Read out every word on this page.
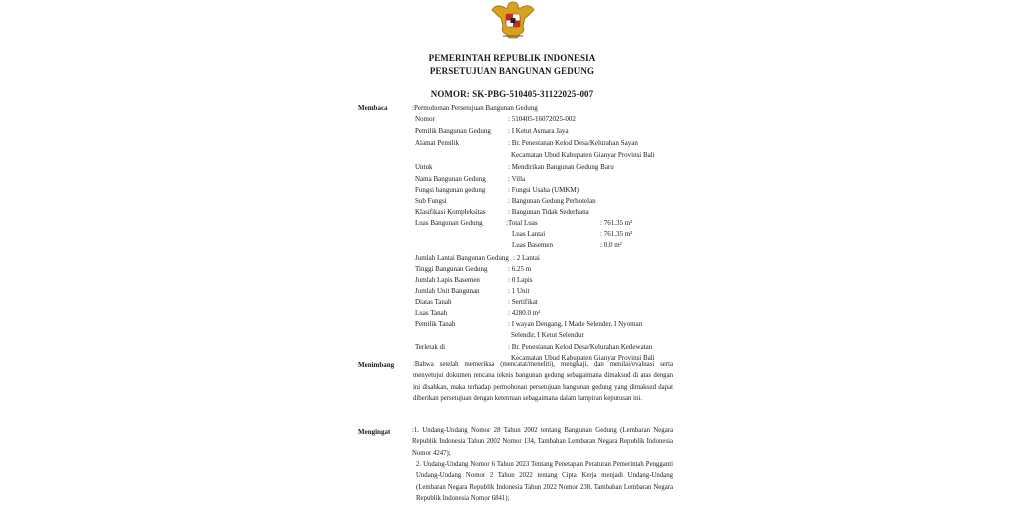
PEMERINTAH REPUBLIK INDONESIA
PERSETUJUAN BANGUNAN GEDUNG
NOMOR: SK-PBG-510405-31122025-007
Membaca	:Permohonan Persetujuan Bangunan Gedung
Nomor	: 510405-16072025-002
Pemilik Bangunan Gedung : I Ketut Asmara Jaya
Alamat Pemilik	: Br. Penestanan Kelod Desa/Kelurahan Sayan
Kecamatan Ubud Kabupaten Gianyar Provinsi Bali
Untuk	: Mendirikan Bangunan Gedung Baru
Nama Bangunan Gedung	: Villa
Fungsi bangunan gedung	: Fungsi Usaha (UMKM)
Sub Fungsi	: Bangunan Gedung Perhotelan
Klasifikasi Kompleksitas	: Bangunan Tidak Sederhana
Luas Bangunan Gedung	:Total Luas	: 761.35 m²
Luas Lantai	: 761.35 m²
Luas Basemen	: 0.0 m²
Jumlah Lantai Bangunan Gedung : 2 Lantai
Tinggi Bangunan Gedung	: 6.25 m
Jumlah Lapis Basemen	: 0 Lapis
Jumlah Unit Bangunan	: 1 Unit
Diatas Tanah	: Sertifikat
Luas Tanah	: 4280.0 m²
Pemilik Tanah	: I wayan Dengang, I Made Selender, I Nyoman
Selendir, I Ketut Selendur
Terletak di	: Br. Penestanan Kelod Desa/Kelurahan Kedewatan
Kecamatan Ubud Kabupaten Gianyar Provinsi Bali
Menimbang	:Bahwa setelah memeriksa (mencatat/meneliti), mengkaji, dan menilai/evaluasi serta menyetujui dokumen rencana teknis bangunan gedung sebagaimana dimaksud di atas dengan ini disahkan, maka terhadap permohonan persetujuan bangunan gedung yang dimaksud dapat diberikan persetujuan dengan ketentuan sebagaimana dalam lampiran keputusan ini.
Mengingat	:1. Undang-Undang Nomor 28 Tahun 2002 tentang Bangunan Gedung (Lembaran Negara Republik Indonesia Tahun 2002 Nomor 134, Tambahan Lembaran Negara Republik Indonesia Nomor 4247);
2. Undang-Undang Nomor 6 Tahun 2023 Tentang Penetapan Peraturan Pemerintah Pengganti Undang-Undang Nomor 2 Tahun 2022 tentang Cipta Kerja menjadi Undang-Undang (Lembaran Negara Republik Indonesia Tahun 2022 Nomor 238, Tambahan Lembaran Negara Republik Indonesia Nomor 6841);
